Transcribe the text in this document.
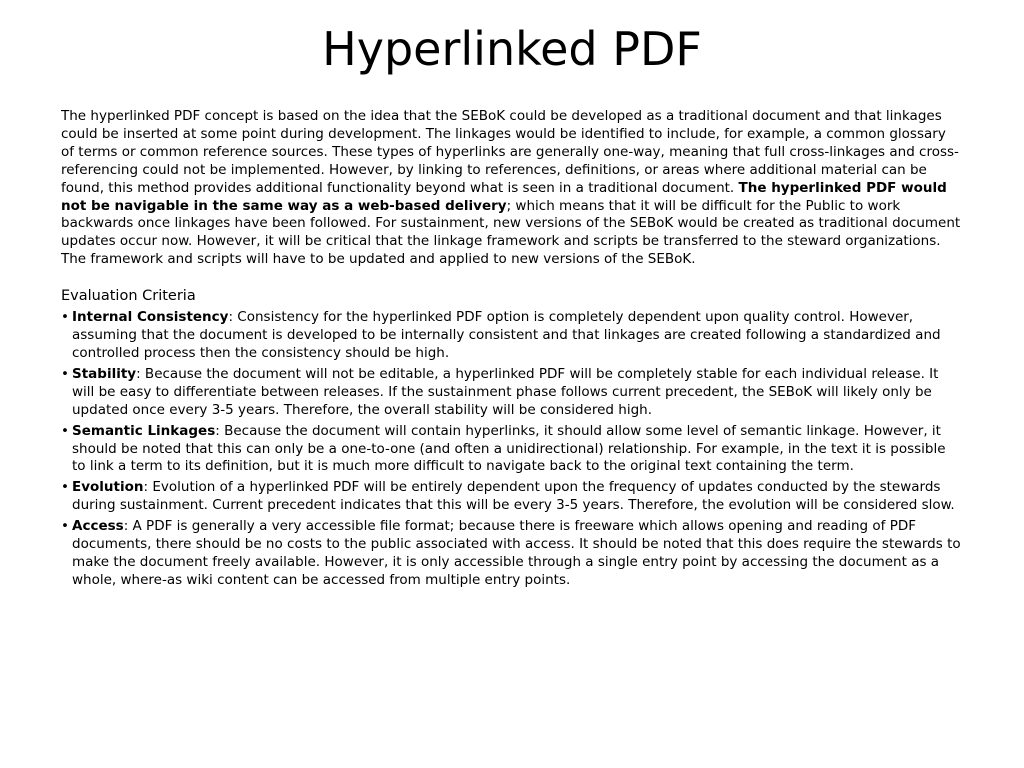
Hyperlinked PDF

The hyperlinked PDF concept is based on the idea that the SEBoK could be developed as a traditional document and that linkages could be inserted at some point during development. The linkages would be identified to include, for example, a common glossary of terms or common reference sources. These types of hyperlinks are generally one-way, meaning that full cross-linkages and cross-referencing could not be implemented. However, by linking to references, definitions, or areas where additional material can be found, this method provides additional functionality beyond what is seen in a traditional document. The hyperlinked PDF would not be navigable in the same way as a web-based delivery; which means that it will be difficult for the Public to work backwards once linkages have been followed. For sustainment, new versions of the SEBoK would be created as traditional document updates occur now. However, it will be critical that the linkage framework and scripts be transferred to the steward organizations. The framework and scripts will have to be updated and applied to new versions of the SEBoK.

Evaluation Criteria
• Internal Consistency: Consistency for the hyperlinked PDF option is completely dependent upon quality control. However, assuming that the document is developed to be internally consistent and that linkages are created following a standardized and controlled process then the consistency should be high.
• Stability: Because the document will not be editable, a hyperlinked PDF will be completely stable for each individual release. It will be easy to differentiate between releases. If the sustainment phase follows current precedent, the SEBoK will likely only be updated once every 3-5 years. Therefore, the overall stability will be considered high.
• Semantic Linkages: Because the document will contain hyperlinks, it should allow some level of semantic linkage. However, it should be noted that this can only be a one-to-one (and often a unidirectional) relationship. For example, in the text it is possible to link a term to its definition, but it is much more difficult to navigate back to the original text containing the term.
• Evolution: Evolution of a hyperlinked PDF will be entirely dependent upon the frequency of updates conducted by the stewards during sustainment. Current precedent indicates that this will be every 3-5 years. Therefore, the evolution will be considered slow.
• Access: A PDF is generally a very accessible file format; because there is freeware which allows opening and reading of PDF documents, there should be no costs to the public associated with access. It should be noted that this does require the stewards to make the document freely available. However, it is only accessible through a single entry point by accessing the document as a whole, where-as wiki content can be accessed from multiple entry points.
